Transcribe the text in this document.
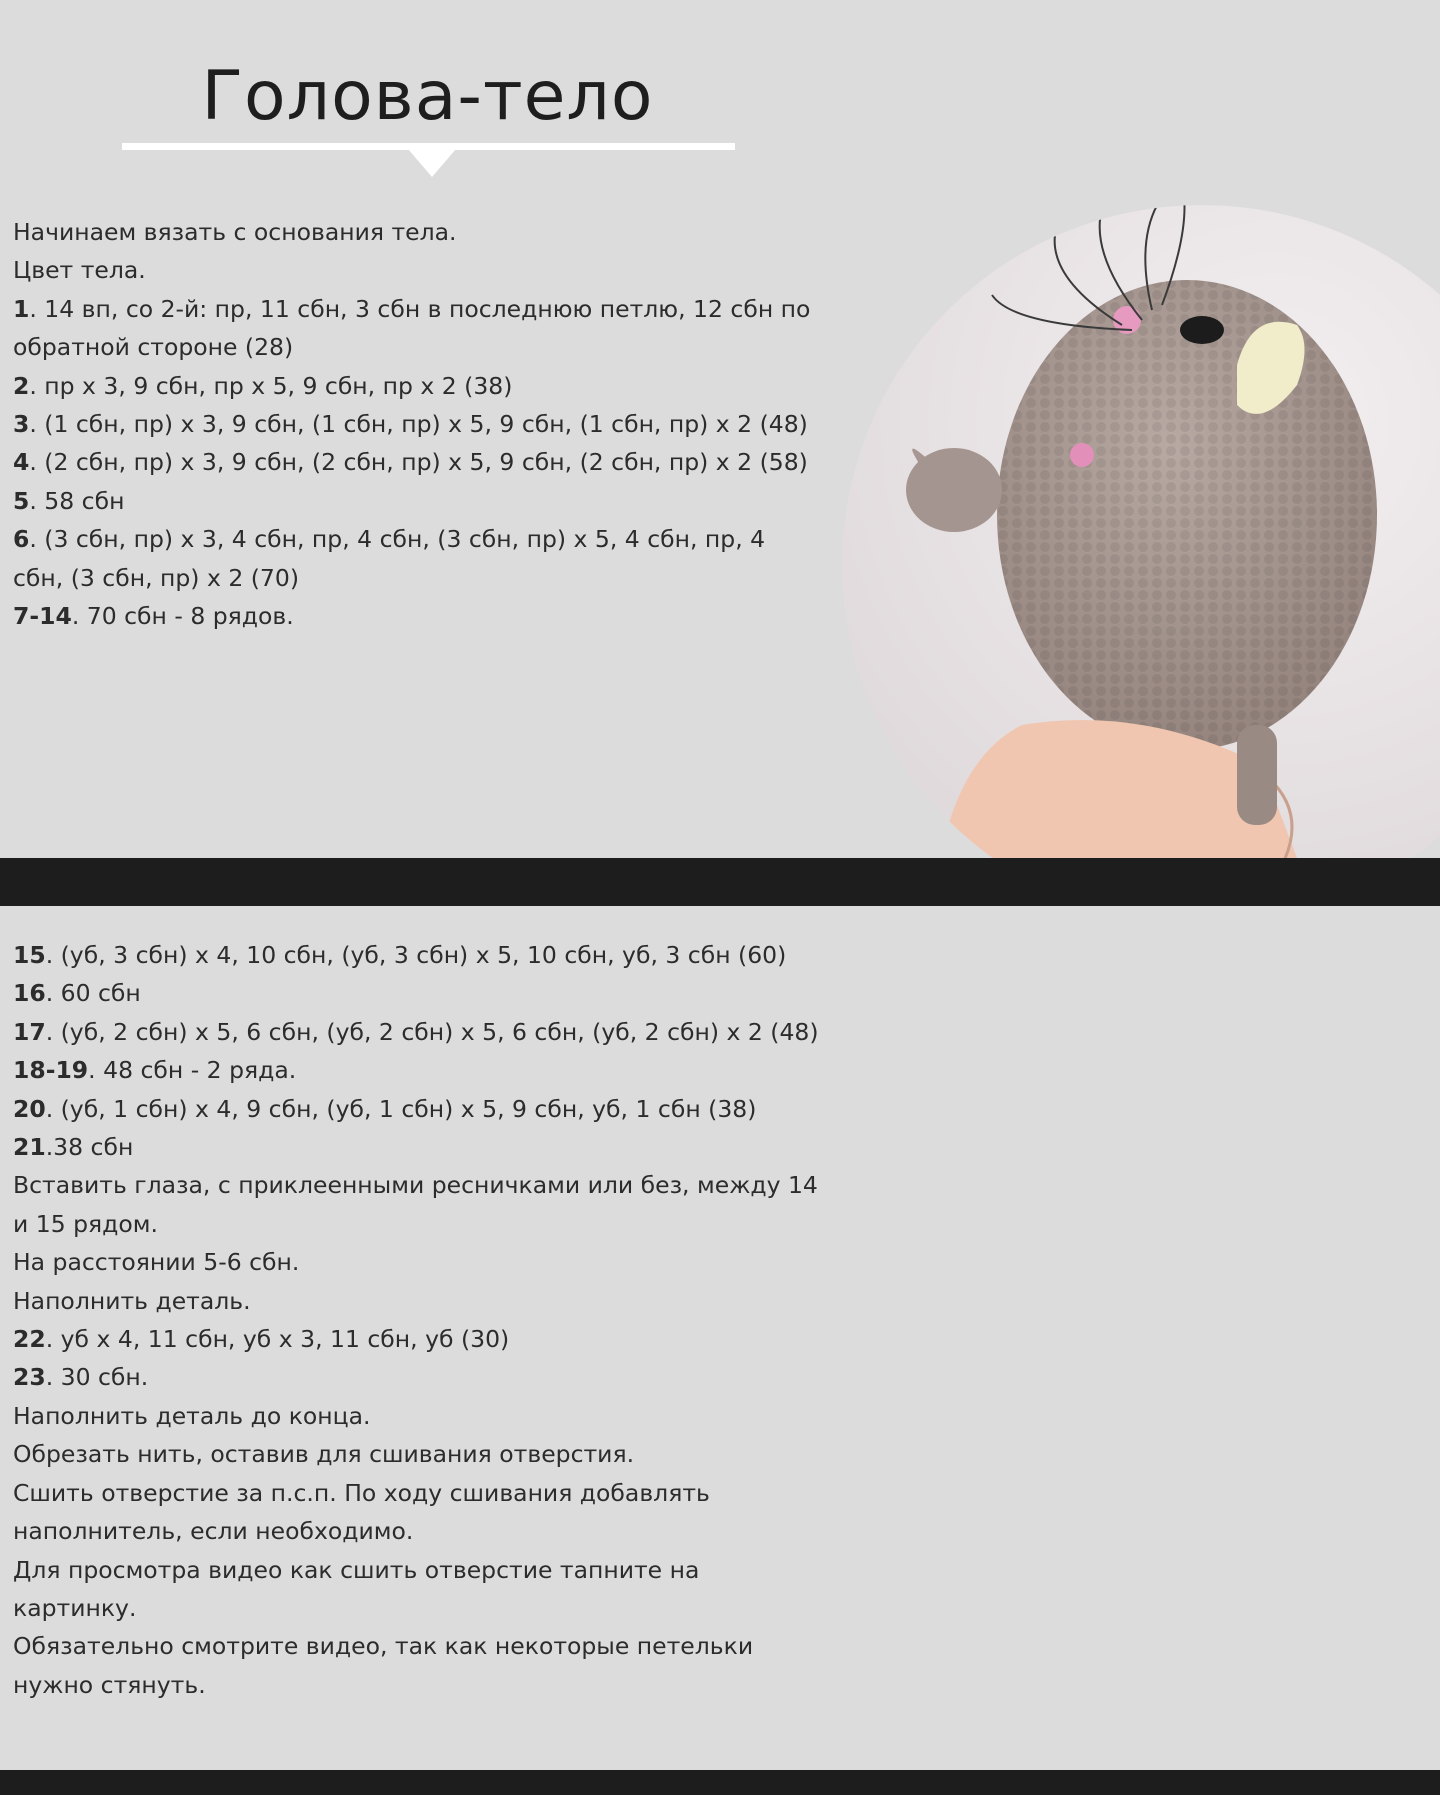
Голова-тело
Начинаем вязать с основания тела.
Цвет тела.
1. 14 вп, со 2-й: пр, 11 сбн, 3 сбн в последнюю петлю, 12 сбн по
обратной стороне (28)
2. пр х 3, 9 сбн, пр х 5, 9 сбн, пр х 2 (38)
3. (1 сбн, пр) х 3, 9 сбн, (1 сбн, пр) х 5, 9 сбн, (1 сбн, пр) х 2 (48)
4. (2 сбн, пр) х 3, 9 сбн, (2 сбн, пр) х 5, 9 сбн, (2 сбн, пр) х 2 (58)
5. 58 сбн
6. (3 сбн, пр) х 3, 4 сбн, пр, 4 сбн, (3 сбн, пр) х 5, 4 сбн, пр, 4
сбн, (3 сбн, пр) х 2 (70)
7-14. 70 сбн - 8 рядов.
15. (уб, 3 сбн) х 4, 10 сбн, (уб, 3 сбн) х 5, 10 сбн, уб, 3 сбн (60)
16. 60 сбн
17. (уб, 2 сбн) х 5, 6 сбн, (уб, 2 сбн) х 5, 6 сбн, (уб, 2 сбн) х 2 (48)
18-19. 48 сбн - 2 ряда.
20. (уб, 1 сбн) х 4, 9 сбн, (уб, 1 сбн) х 5, 9 сбн, уб, 1 сбн (38)
21.38 сбн
Вставить глаза, с приклеенными ресничками или без, между 14
и 15 рядом.
На расстоянии 5-6 сбн.
Наполнить деталь.
22. уб х 4, 11 сбн, уб х 3, 11 сбн, уб (30)
23. 30 сбн.
Наполнить деталь до конца.
Обрезать нить, оставив для сшивания отверстия.
Сшить отверстие за п.с.п. По ходу сшивания добавлять
наполнитель, если необходимо.
Для просмотра видео как сшить отверстие тапните на
картинку.
Обязательно смотрите видео, так как некоторые петельки
нужно стянуть.
